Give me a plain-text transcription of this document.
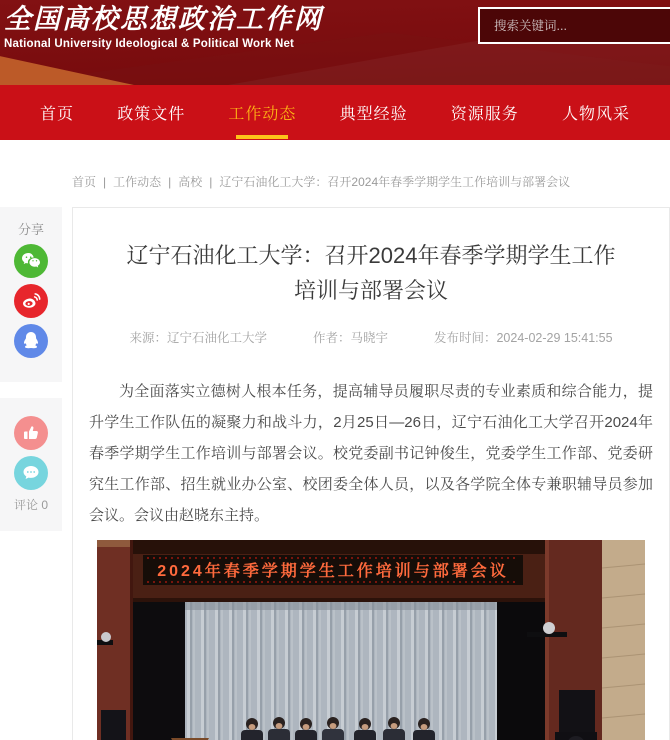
全国高校思想政治工作网
National University Ideological & Political Work Net
搜索关键词...
首页	政策文件	工作动态	典型经验	资源服务	人物风采
首页 | 工作动态 | 高校 | 辽宁石油化工大学：召开2024年春季学期学生工作培训与部署会议
分享
评论 0
辽宁石油化工大学：召开2024年春季学期学生工作培训与部署会议
来源：辽宁石油化工大学	作者：马晓宇	发布时间：2024-02-29 15:41:55

为全面落实立德树人根本任务，提高辅导员履职尽责的专业素质和综合能力，提升学生工作队伍的凝聚力和战斗力，2月25日—26日，辽宁石油化工大学召开2024年春季学期学生工作培训与部署会议。校党委副书记钟俊生，党委学生工作部、党委研究生工作部、招生就业办公室、校团委全体人员，以及各学院全体专兼职辅导员参加会议。会议由赵晓东主持。

2024年春季学期学生工作培训与部署会议
